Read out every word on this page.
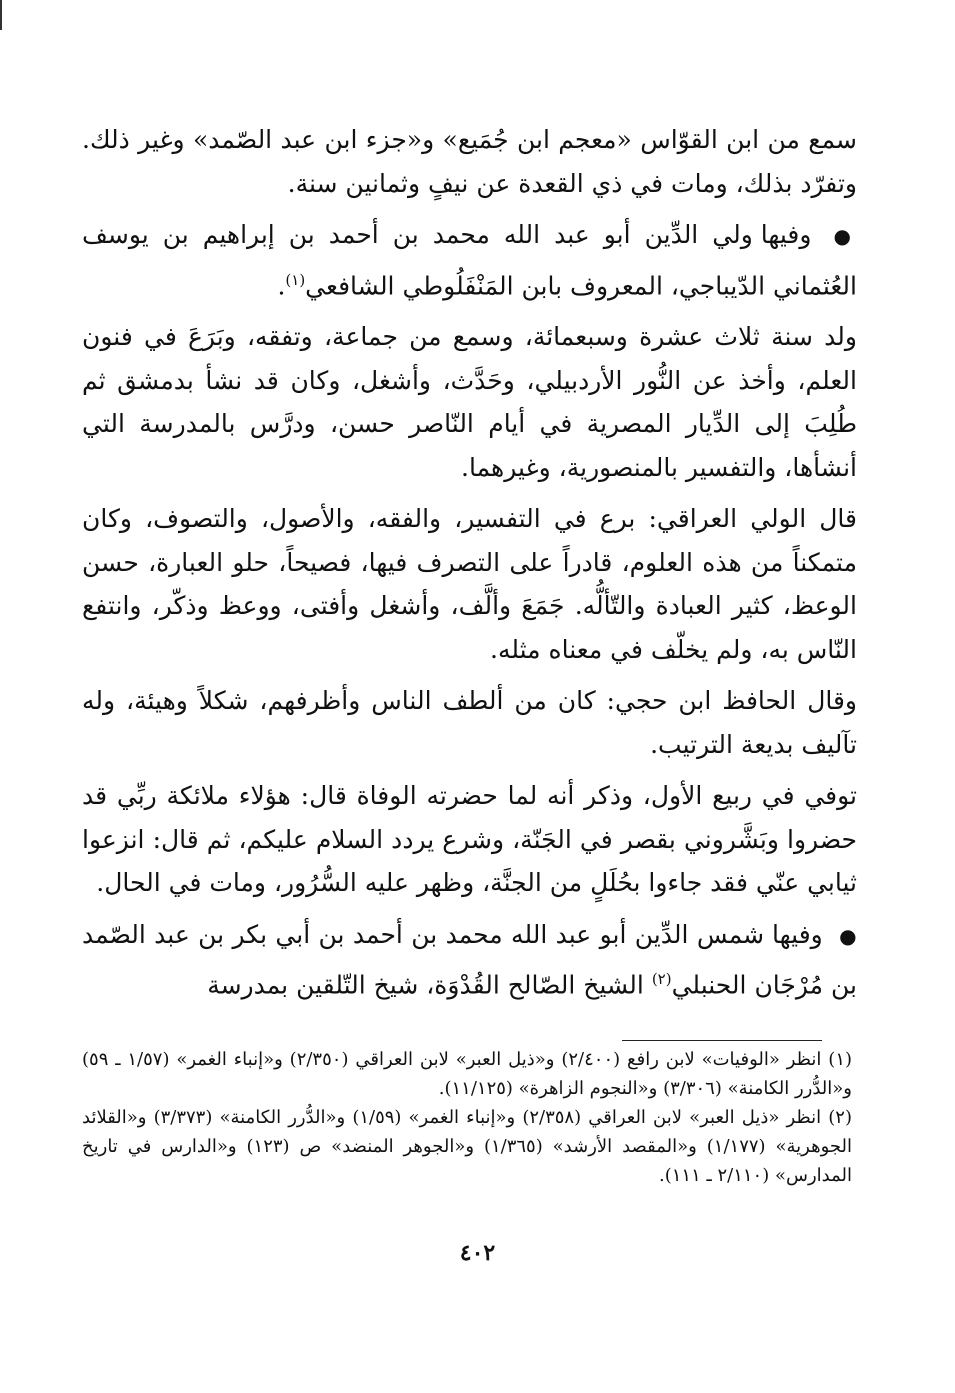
سمع من ابن القوّاس «معجم ابن جُمَيع» و«جزء ابن عبد الصّمد» وغير ذلك. وتفرّد بذلك، ومات في ذي القعدة عن نيفٍ وثمانين سنة.

● وفيها ولي الدِّين أبو عبد الله محمد بن أحمد بن إبراهيم بن يوسف العُثماني الدّيباجي، المعروف بابن المَنْفَلُوطي الشافعي$^{(١)}$.

ولد سنة ثلاث عشرة وسبعمائة، وسمع من جماعة، وتفقه، وبَرَعَ في فنون العلم، وأخذ عن النُّور الأردبيلي، وحَدَّث، وأشغل، وكان قد نشأ بدمشق ثم طُلِبَ إلى الدِّيار المصرية في أيام النّاصر حسن، ودرَّس بالمدرسة التي أنشأها، والتفسير بالمنصورية، وغيرهما.

قال الولي العراقي: برع في التفسير، والفقه، والأصول، والتصوف، وكان متمكناً من هذه العلوم، قادراً على التصرف فيها، فصيحاً، حلو العبارة، حسن الوعظ، كثير العبادة والتّألُّه. جَمَعَ وألَّف، وأشغل وأفتى، ووعظ وذكّر، وانتفع النّاس به، ولم يخلّف في معناه مثله.

وقال الحافظ ابن حجي: كان من ألطف الناس وأظرفهم، شكلاً وهيئة، وله تآليف بديعة الترتيب.

توفي في ربيع الأول، وذكر أنه لما حضرته الوفاة قال: هؤلاء ملائكة ربِّي قد حضروا وبَشَّروني بقصر في الجَنّة، وشرع يردد السلام عليكم، ثم قال: انزعوا ثيابي عنّي فقد جاءوا بحُلَلٍ من الجنَّة، وظهر عليه السُّرُور، ومات في الحال.

● وفيها شمس الدِّين أبو عبد الله محمد بن أحمد بن أبي بكر بن عبد الصّمد بن مُرْجَان الحنبلي$^{(٢)}$ الشيخ الصّالح القُدْوَة، شيخ التّلقين بمدرسة

(١) انظر «الوفيات» لابن رافع (٢/٤٠٠) و«ذيل العبر» لابن العراقي (٢/٣٥٠) و«إنباء الغمر» (١/٥٧ ـ ٥٩) و«الدُّرر الكامنة» (٣/٣٠٦) و«النجوم الزاهرة» (١١/١٢٥).

(٢) انظر «ذيل العبر» لابن العراقي (٢/٣٥٨) و«إنباء الغمر» (١/٥٩) و«الدُّرر الكامنة» (٣/٣٧٣) و«القلائد الجوهرية» (١/١٧٧) و«المقصد الأرشد» (١/٣٦٥) و«الجوهر المنضد» ص (١٢٣) و«الدارس في تاريخ المدارس» (٢/١١٠ ـ ١١١).

٤٠٢
